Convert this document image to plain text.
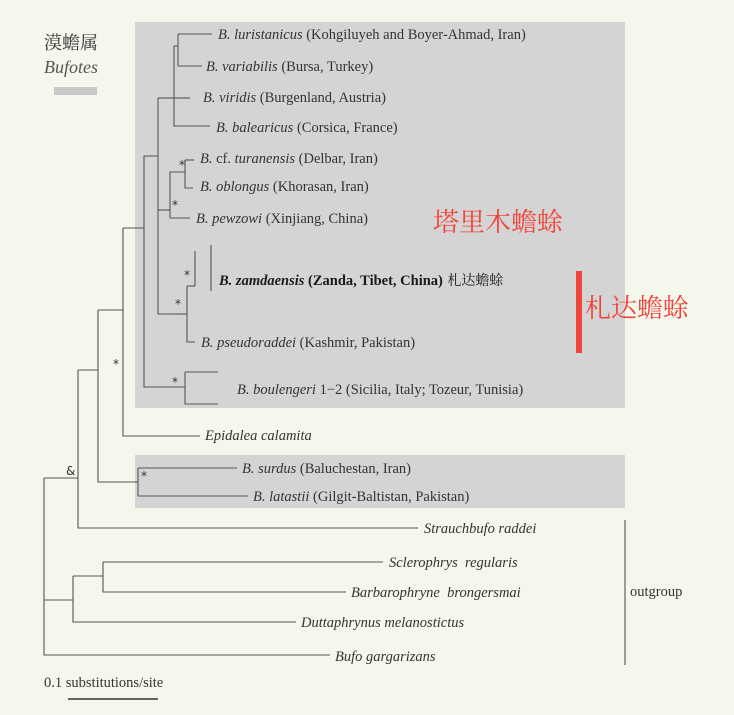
漠蟾属
Bufotes
*
&	*
*
*
*
*
*
B. luristanicus (Kohgiluyeh and Boyer-Ahmad, Iran)
B. variabilis (Bursa, Turkey)
B. viridis (Burgenland, Austria)
B. balearicus (Corsica, France)
B. cf. turanensis (Delbar, Iran)
B. oblongus (Khorasan, Iran)
B. pewzowi (Xinjiang, China)
B. zamdaensis (Zanda, Tibet, China) 札达蟾蜍
B. pseudoraddei (Kashmir, Pakistan)
B. boulengeri 1−2 (Sicilia, Italy; Tozeur, Tunisia)
Epidalea calamita
B. surdus (Baluchestan, Iran)
B. latastii (Gilgit-Baltistan, Pakistan)
Strauchbufo raddei
Sclerophrys  regularis
Barbarophryne  brongersmai
Duttaphrynus melanostictus
Bufo gargarizans
塔里木蟾蜍
札达蟾蜍
outgroup
0.1 substitutions/site
